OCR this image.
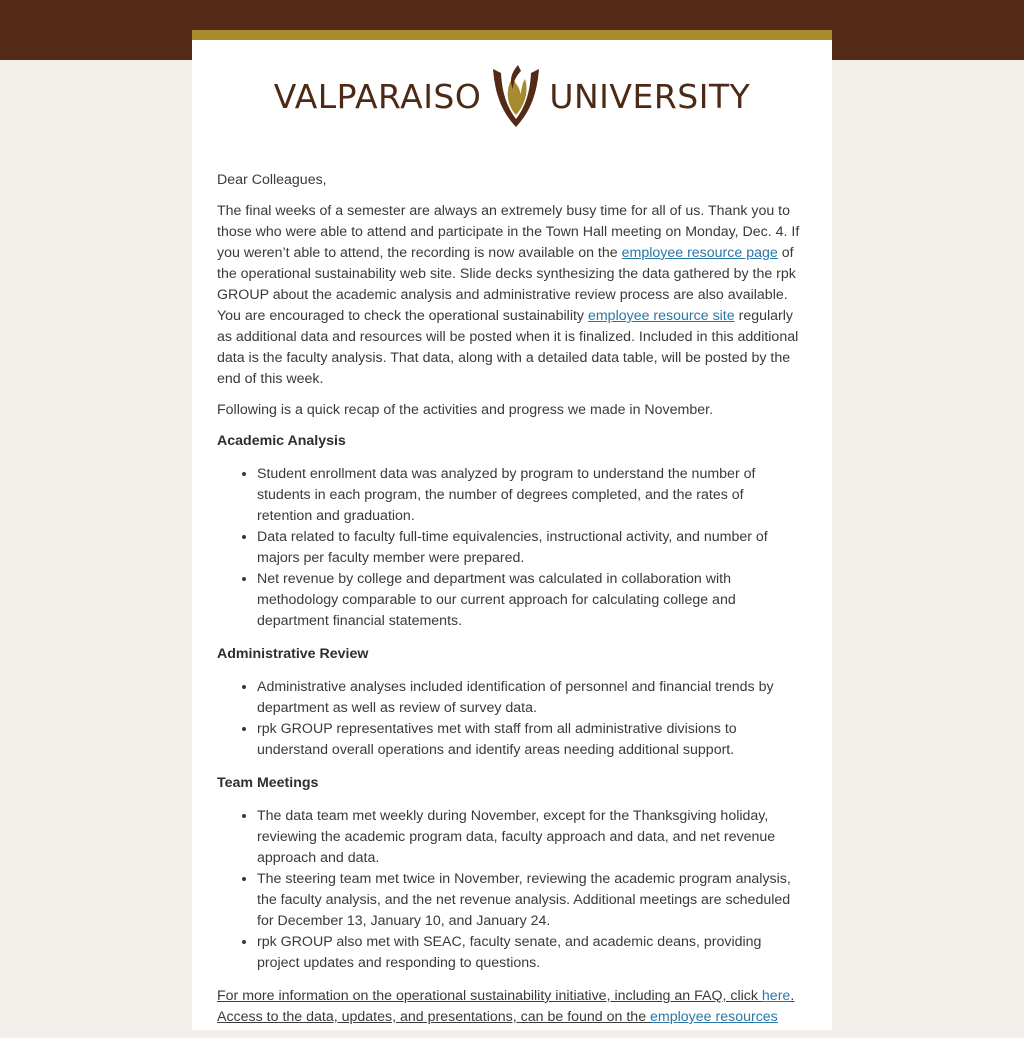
VALPARAISO UNIVERSITY

Dear Colleagues,

The final weeks of a semester are always an extremely busy time for all of us. Thank you to those who were able to attend and participate in the Town Hall meeting on Monday, Dec. 4. If you weren’t able to attend, the recording is now available on the employee resource page of the operational sustainability web site. Slide decks synthesizing the data gathered by the rpk GROUP about the academic analysis and administrative review process are also available. You are encouraged to check the operational sustainability employee resource site regularly as additional data and resources will be posted when it is finalized. Included in this additional data is the faculty analysis. That data, along with a detailed data table, will be posted by the end of this week.

Following is a quick recap of the activities and progress we made in November.

Academic Analysis
• Student enrollment data was analyzed by program to understand the number of students in each program, the number of degrees completed, and the rates of retention and graduation.
• Data related to faculty full-time equivalencies, instructional activity, and number of majors per faculty member were prepared.
• Net revenue by college and department was calculated in collaboration with methodology comparable to our current approach for calculating college and department financial statements.
Administrative Review
• Administrative analyses included identification of personnel and financial trends by department as well as review of survey data.
• rpk GROUP representatives met with staff from all administrative divisions to understand overall operations and identify areas needing additional support.
Team Meetings
• The data team met weekly during November, except for the Thanksgiving holiday, reviewing the academic program data, faculty approach and data, and net revenue approach and data.
• The steering team met twice in November, reviewing the academic program analysis, the faculty analysis, and the net revenue analysis. Additional meetings are scheduled for December 13, January 10, and January 24.
• rpk GROUP also met with SEAC, faculty senate, and academic deans, providing project updates and responding to questions.

For more information on the operational sustainability initiative, including an FAQ, click here. Access to the data, updates, and presentations, can be found on the employee resources
